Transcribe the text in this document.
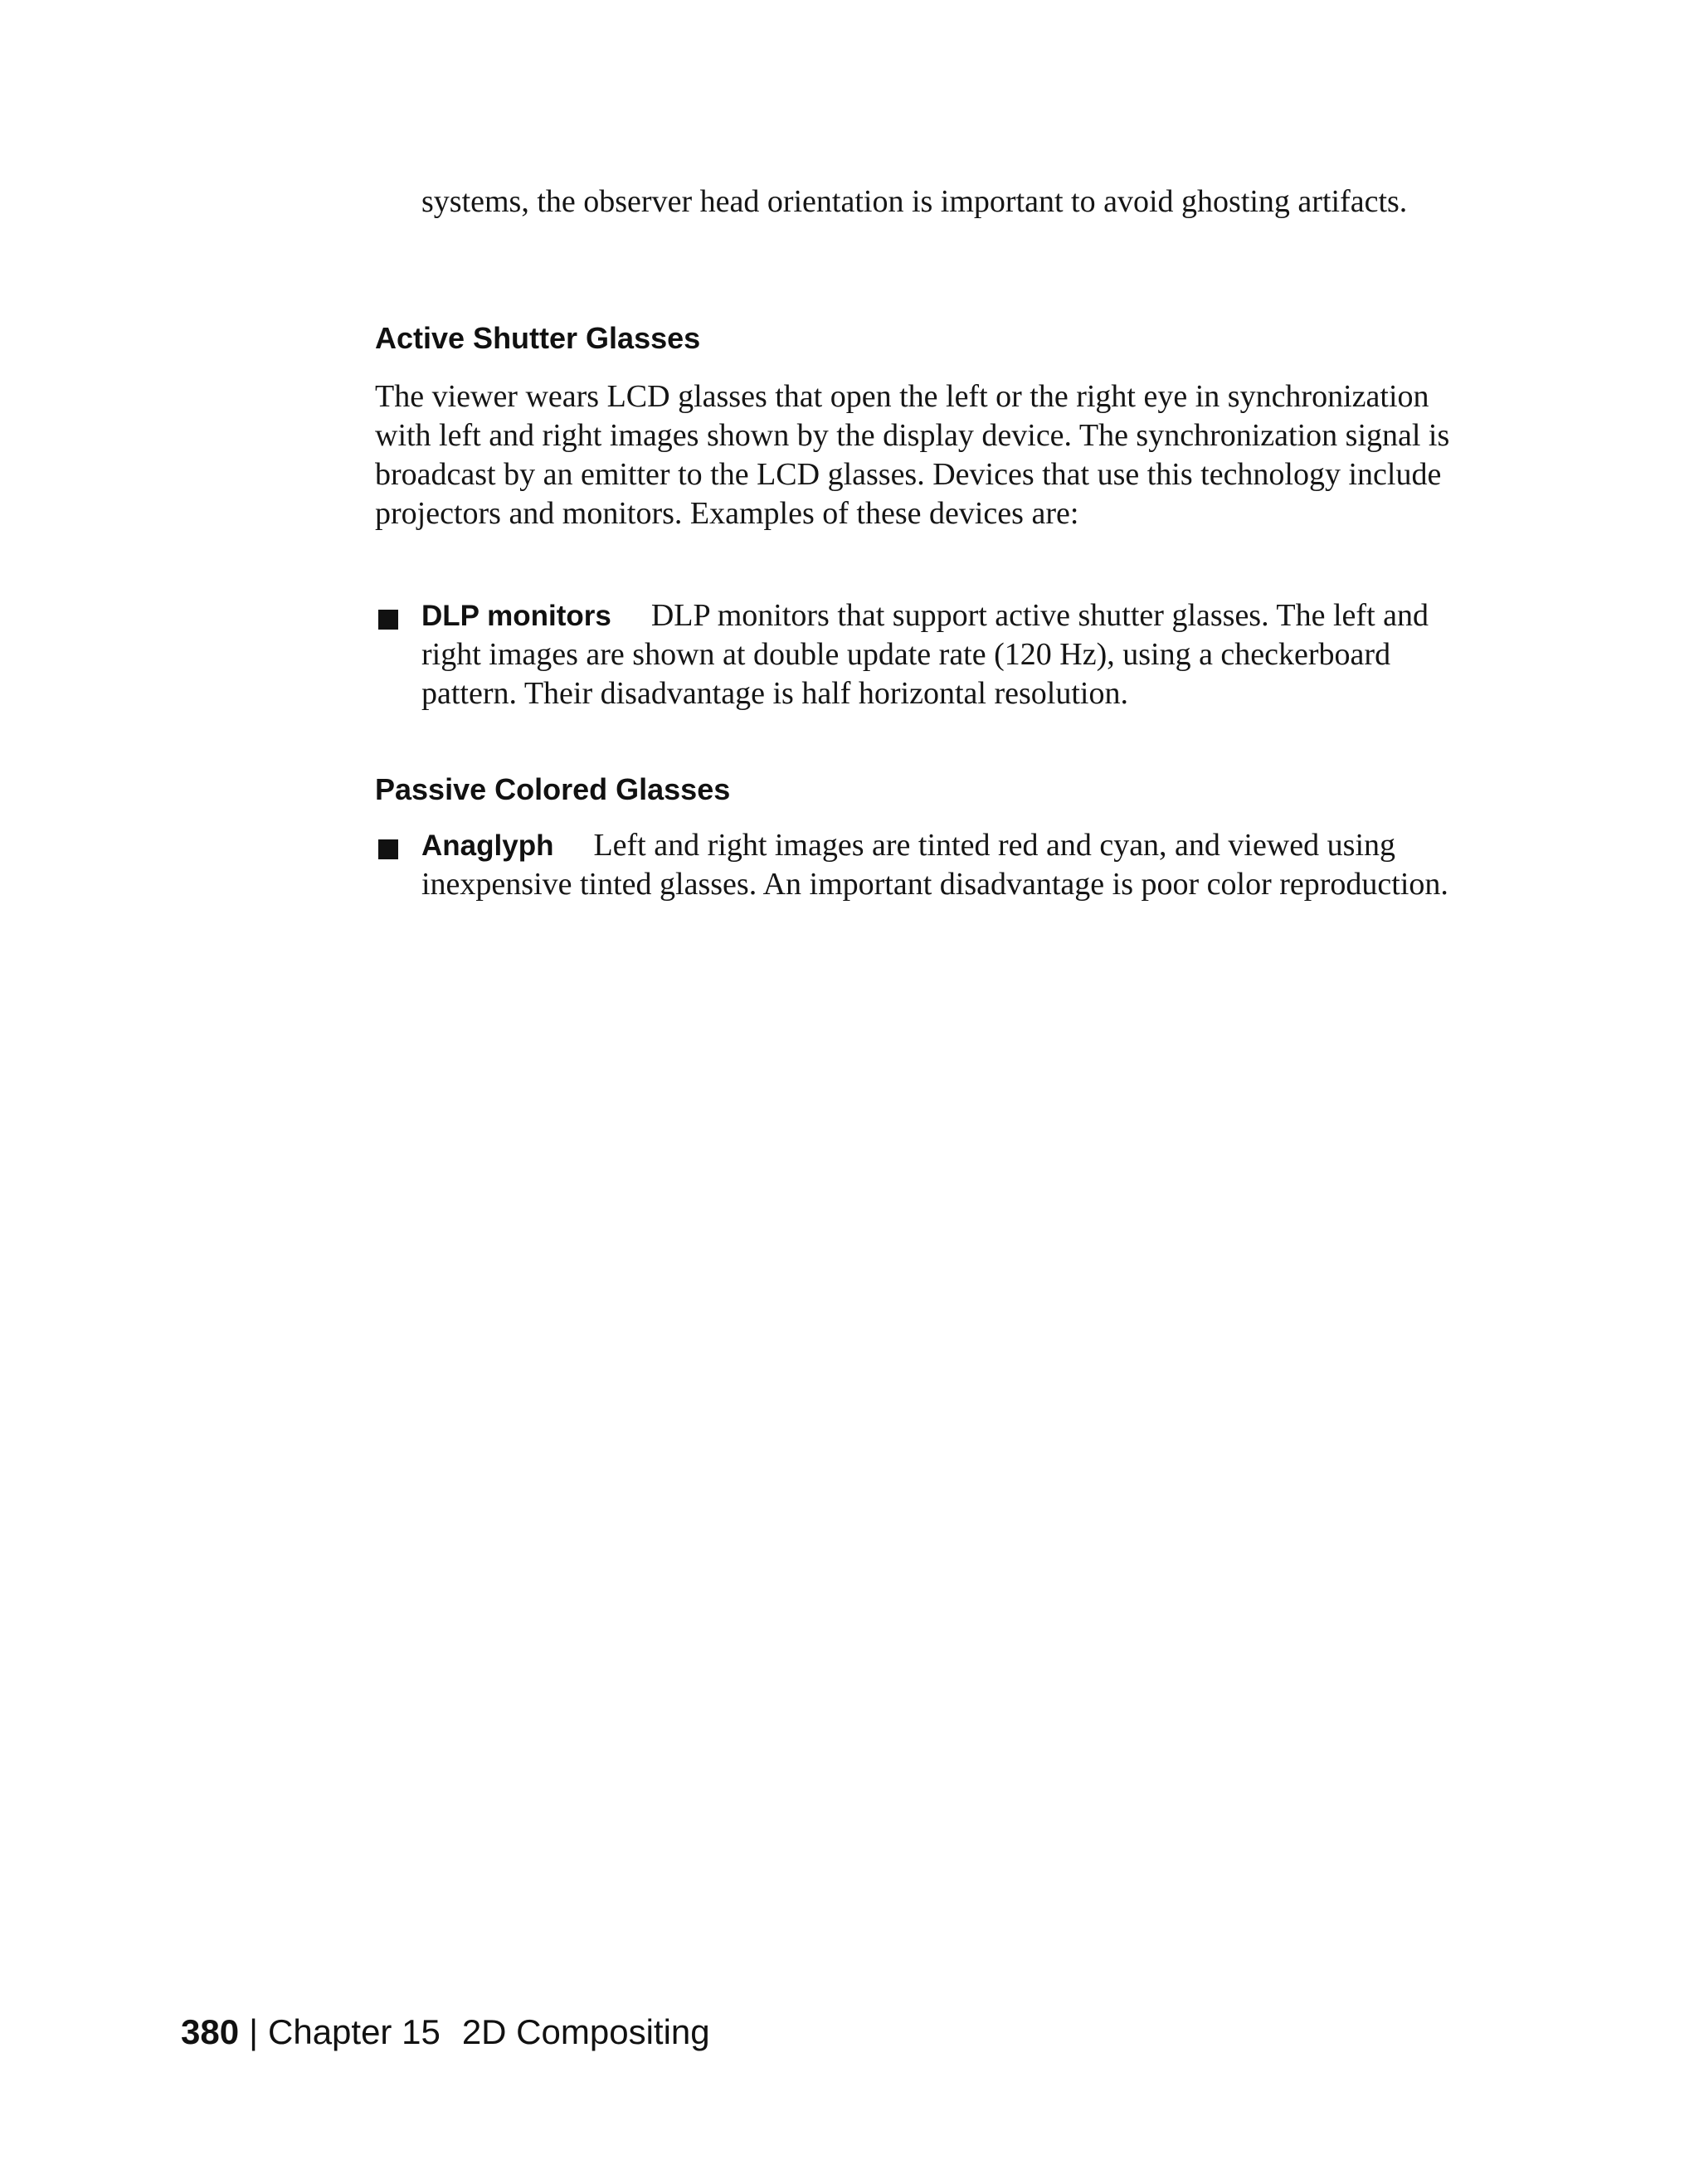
systems, the observer head orientation is important to avoid ghosting artifacts.

Active Shutter Glasses

The viewer wears LCD glasses that open the left or the right eye in synchronization with left and right images shown by the display device. The synchronization signal is broadcast by an emitter to the LCD glasses. Devices that use this technology include projectors and monitors. Examples of these devices are:

DLP monitors DLP monitors that support active shutter glasses. The left and right images are shown at double update rate (120 Hz), using a checkerboard pattern. Their disadvantage is half horizontal resolution.

Passive Colored Glasses

Anaglyph Left and right images are tinted red and cyan, and viewed using inexpensive tinted glasses. An important disadvantage is poor color reproduction.

380 | Chapter 15 2D Compositing
